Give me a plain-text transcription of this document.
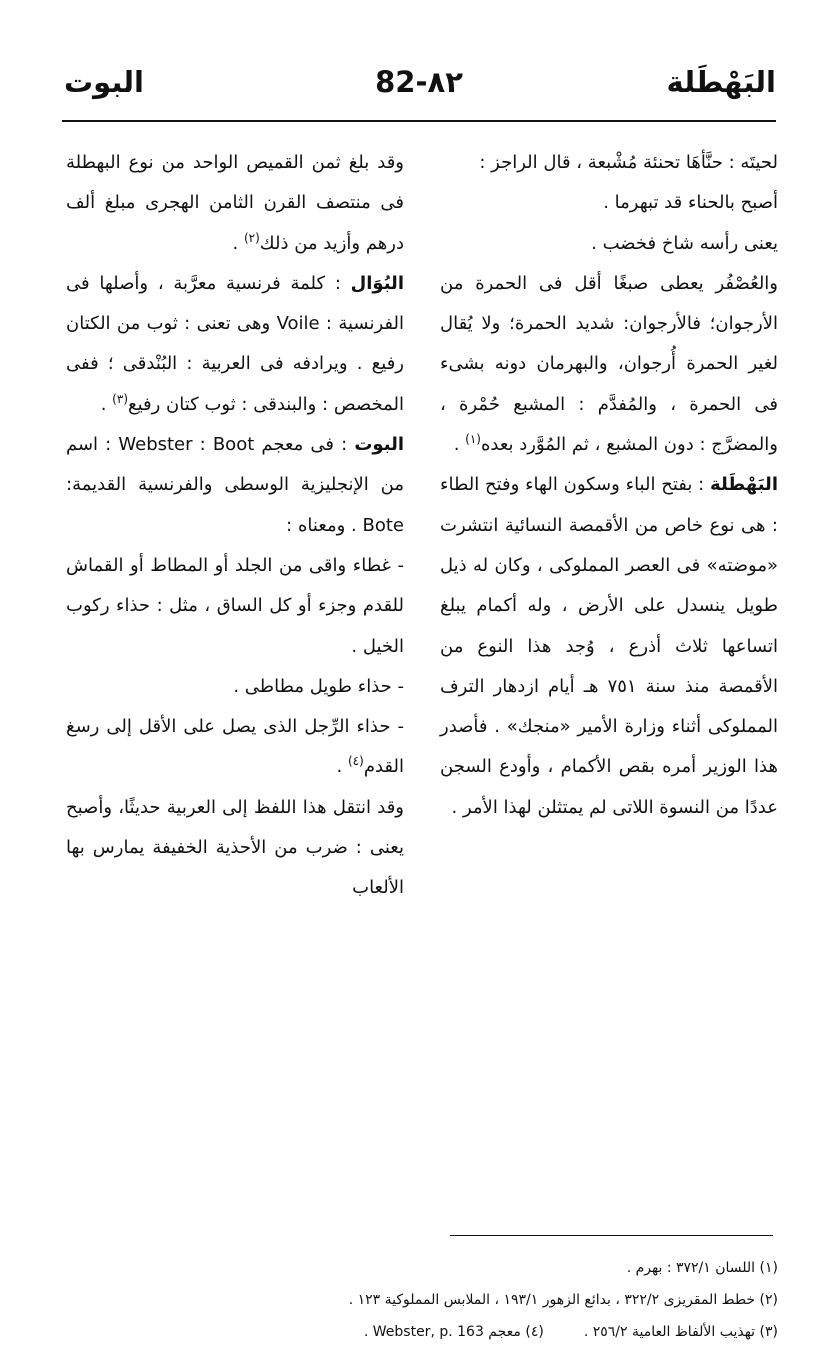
البَهْطَلة
82-٨٢
البوت

لحيتَه : حنَّأهَا تحنئة مُشْبعة ، قال الراجز :

أصبح بالحناء قد تبهرما .

يعنى رأسه شاخ فخضب .

والعُصْفُر يعطى صبغًا أقل فى الحمرة من الأرجوان؛ فالأرجوان: شديد الحمرة؛ ولا يُقال لغير الحمرة أُرجوان، والبهرمان دونه بشىء فى الحمرة ، والمُفدَّم : المشبع حُمْرة ، والمضرَّج : دون المشبع ، ثم المُوَّرد بعده$^{(١)}$ .

البَهْطَلة : بفتح الباء وسكون الهاء وفتح الطاء : هى نوع خاص من الأقمصة النسائية انتشرت «موضته» فى العصر المملوكى ، وكان له ذيل طويل ينسدل على الأرض ، وله أكمام يبلغ اتساعها ثلاث أذرع ، وُجد هذا النوع من الأقمصة منذ سنة ٧٥١ هـ أيام ازدهار الترف المملوكى أثناء وزارة الأمير «منجك» . فأصدر هذا الوزير أمره بقص الأكمام ، وأودع السجن عددًا من النسوة اللاتى لم يمتثلن لهذا الأمر .

وقد بلغ ثمن القميص الواحد من نوع البهطلة فى منتصف القرن الثامن الهجرى مبلغ ألف درهم وأزيد من ذلك$^{(٢)}$ .

البُوَال : كلمة فرنسية معرَّبة ، وأصلها فى الفرنسية : Voile وهى تعنى : ثوب من الكتان رفيع . ويرادفه فى العربية : البُنْدقى ؛ ففى المخصص : والبندقى : ثوب كتان رفيع$^{(٣)}$ .

البوت : فى معجم Webster : Boot : اسم من الإنجليزية الوسطى والفرنسية القديمة: Bote . ومعناه :

- غطاء واقى من الجلد أو المطاط أو القماش للقدم وجزء أو كل الساق ، مثل : حذاء ركوب الخيل .

- حذاء طويل مطاطى .

- حذاء الرِّجل الذى يصل على الأقل إلى رسغ القدم$^{(٤)}$ .

وقد انتقل هذا اللفظ إلى العربية حديثًا، وأصبح يعنى : ضرب من الأحذية الخفيفة يمارس بها الألعاب

(١) اللسان ٣٧٢/١ : بهرم .
(٢) خطط المقريزى ٣٢٢/٢ ، بدائع الزهور ١٩٣/١ ، الملابس المملوكية ١٢٣ .
(٣) تهذيب الألفاظ العامية ٢٥٦/٢ .
(٤) معجم Webster, p. 163 .
